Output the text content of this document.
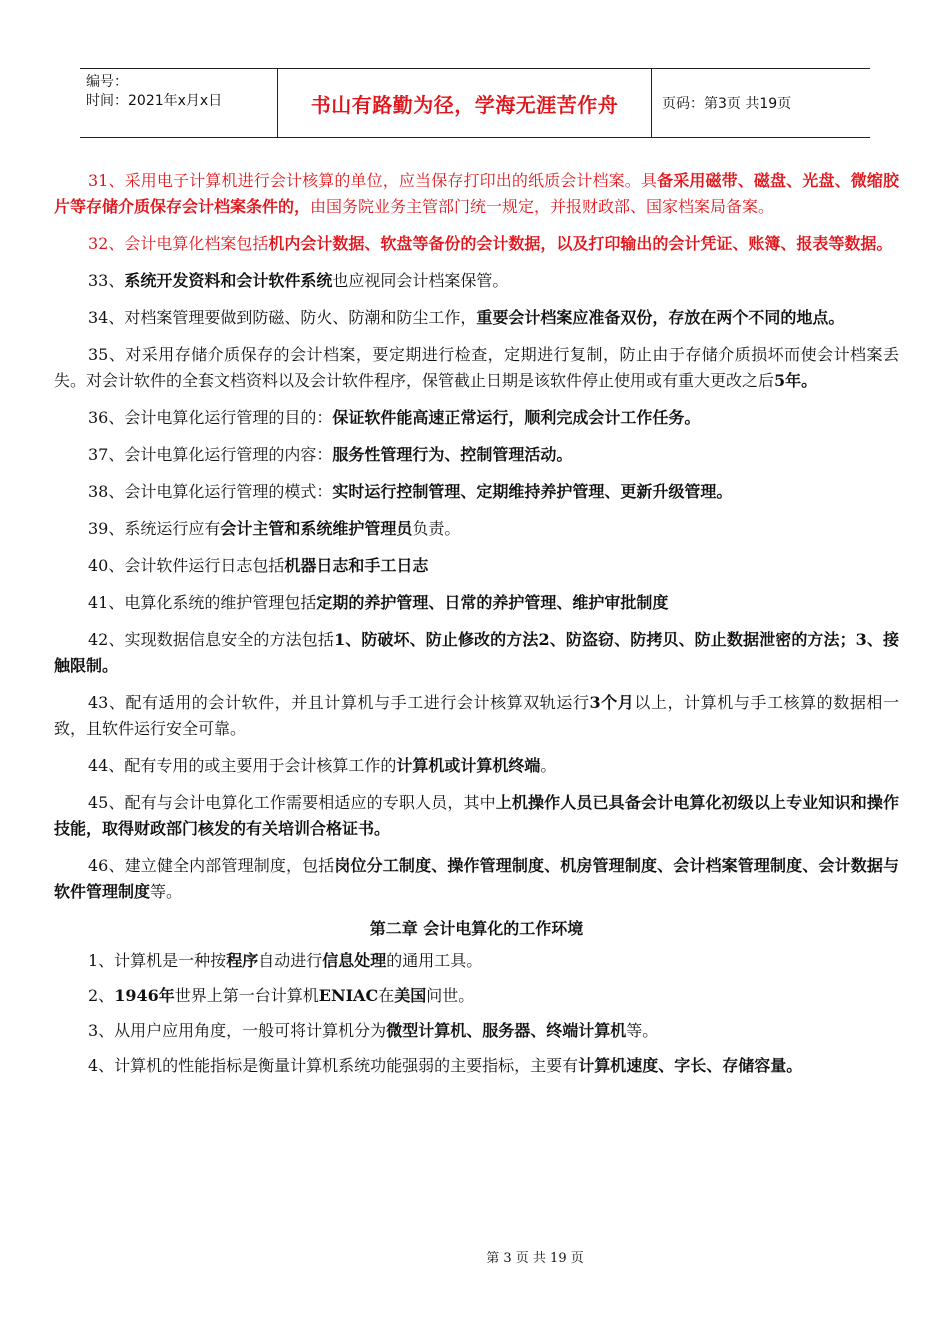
编号：
时间：2021年x月x日	书山有路勤为径，学海无涯苦作舟	页码：第3页 共19页

31、采用电子计算机进行会计核算的单位，应当保存打印出的纸质会计档案。具备采用磁带、磁盘、光盘、微缩胶片等存储介质保存会计档案条件的，由国务院业务主管部门统一规定，并报财政部、国家档案局备案。

32、会计电算化档案包括机内会计数据、软盘等备份的会计数据，以及打印输出的会计凭证、账簿、报表等数据。

33、系统开发资料和会计软件系统也应视同会计档案保管。

34、对档案管理要做到防磁、防火、防潮和防尘工作，重要会计档案应准备双份，存放在两个不同的地点。

35、对采用存储介质保存的会计档案，要定期进行检查，定期进行复制，防止由于存储介质损坏而使会计档案丢失。对会计软件的全套文档资料以及会计软件程序，保管截止日期是该软件停止使用或有重大更改之后5年。

36、会计电算化运行管理的目的：保证软件能高速正常运行，顺利完成会计工作任务。

37、会计电算化运行管理的内容：服务性管理行为、控制管理活动。

38、会计电算化运行管理的模式：实时运行控制管理、定期维持养护管理、更新升级管理。

39、系统运行应有会计主管和系统维护管理员负责。

40、会计软件运行日志包括机器日志和手工日志

41、电算化系统的维护管理包括定期的养护管理、日常的养护管理、维护审批制度

42、实现数据信息安全的方法包括1、防破坏、防止修改的方法2、防盗窃、防拷贝、防止数据泄密的方法；3、接触限制。

43、配有适用的会计软件，并且计算机与手工进行会计核算双轨运行3个月以上，计算机与手工核算的数据相一致，且软件运行安全可靠。

44、配有专用的或主要用于会计核算工作的计算机或计算机终端。

45、配有与会计电算化工作需要相适应的专职人员，其中上机操作人员已具备会计电算化初级以上专业知识和操作技能，取得财政部门核发的有关培训合格证书。

46、建立健全内部管理制度，包括岗位分工制度、操作管理制度、机房管理制度、会计档案管理制度、会计数据与软件管理制度等。

第二章 会计电算化的工作环境

1、计算机是一种按程序自动进行信息处理的通用工具。

2、1946年世界上第一台计算机ENIAC在美国问世。

3、从用户应用角度，一般可将计算机分为微型计算机、服务器、终端计算机等。

4、计算机的性能指标是衡量计算机系统功能强弱的主要指标，主要有计算机速度、字长、存储容量。

第 3 页 共 19 页
